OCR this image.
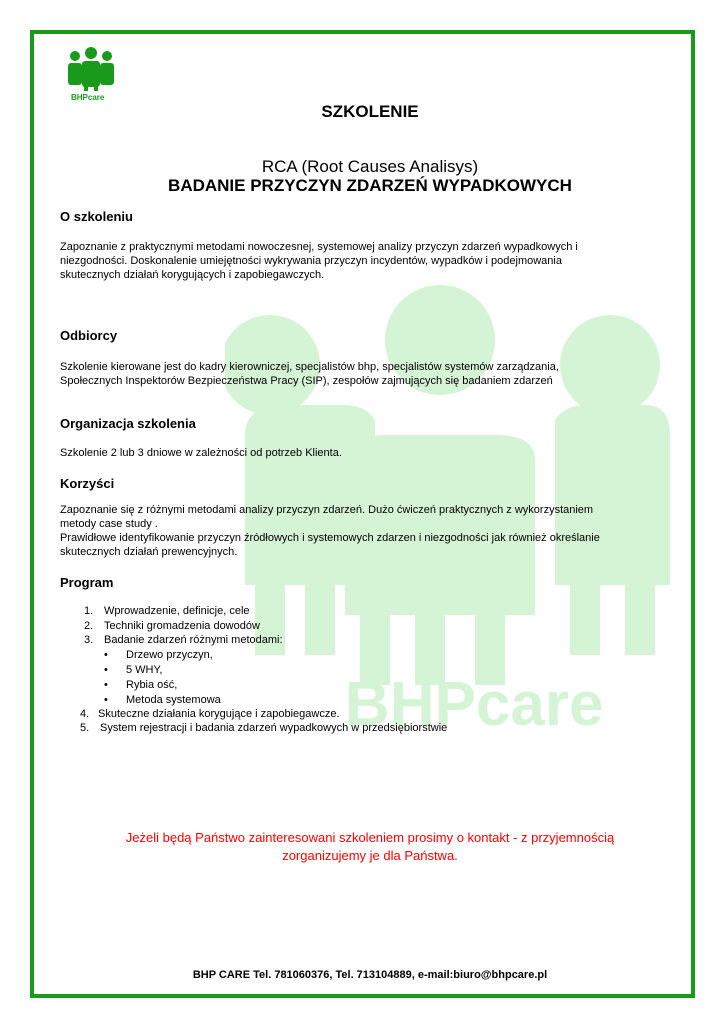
BHPcare
BHPcare
SZKOLENIE
RCA (Root Causes Analisys)
BADANIE PRZYCZYN ZDARZEŃ WYPADKOWYCH
O szkoleniu
Zapoznanie z praktycznymi metodami nowoczesnej, systemowej analizy przyczyn zdarzeń wypadkowych i
niezgodności. Doskonalenie umiejętności wykrywania przyczyn incydentów, wypadków i podejmowania
skutecznych działań korygujących i zapobiegawczych.
Odbiorcy
Szkolenie kierowane jest do kadry kierowniczej, specjalistów bhp, specjalistów systemów zarządzania,
Społecznych Inspektorów Bezpieczeństwa Pracy (SIP), zespołów zajmujących się badaniem zdarzeń
Organizacja szkolenia
Szkolenie 2 lub 3 dniowe w zależności od potrzeb Klienta.
Korzyści
Zapoznanie się z różnymi metodami analizy przyczyn zdarzeń. Dużo ćwiczeń praktycznych z wykorzystaniem
metody case study .
Prawidłowe identyfikowanie przyczyn źródłowych i systemowych zdarzen i niezgodności jak również określanie
skutecznych działań prewencyjnych.
Program
1. Wprowadzenie, definicje, cele
2. Techniki gromadzenia dowodów
3. Badanie zdarzeń różnymi metodami:
• Drzewo przyczyn,
• 5 WHY,
• Rybia ość,
• Metoda systemowa
4. Skuteczne działania korygujące i zapobiegawcze.
5. System rejestracji i badania zdarzeń wypadkowych w przedsiębiorstwie
Jeżeli będą Państwo zainteresowani szkoleniem prosimy o kontakt - z przyjemnością
zorganizujemy je dla Państwa.
BHP CARE Tel. 781060376, Tel. 713104889, e-mail:biuro@bhpcare.pl
